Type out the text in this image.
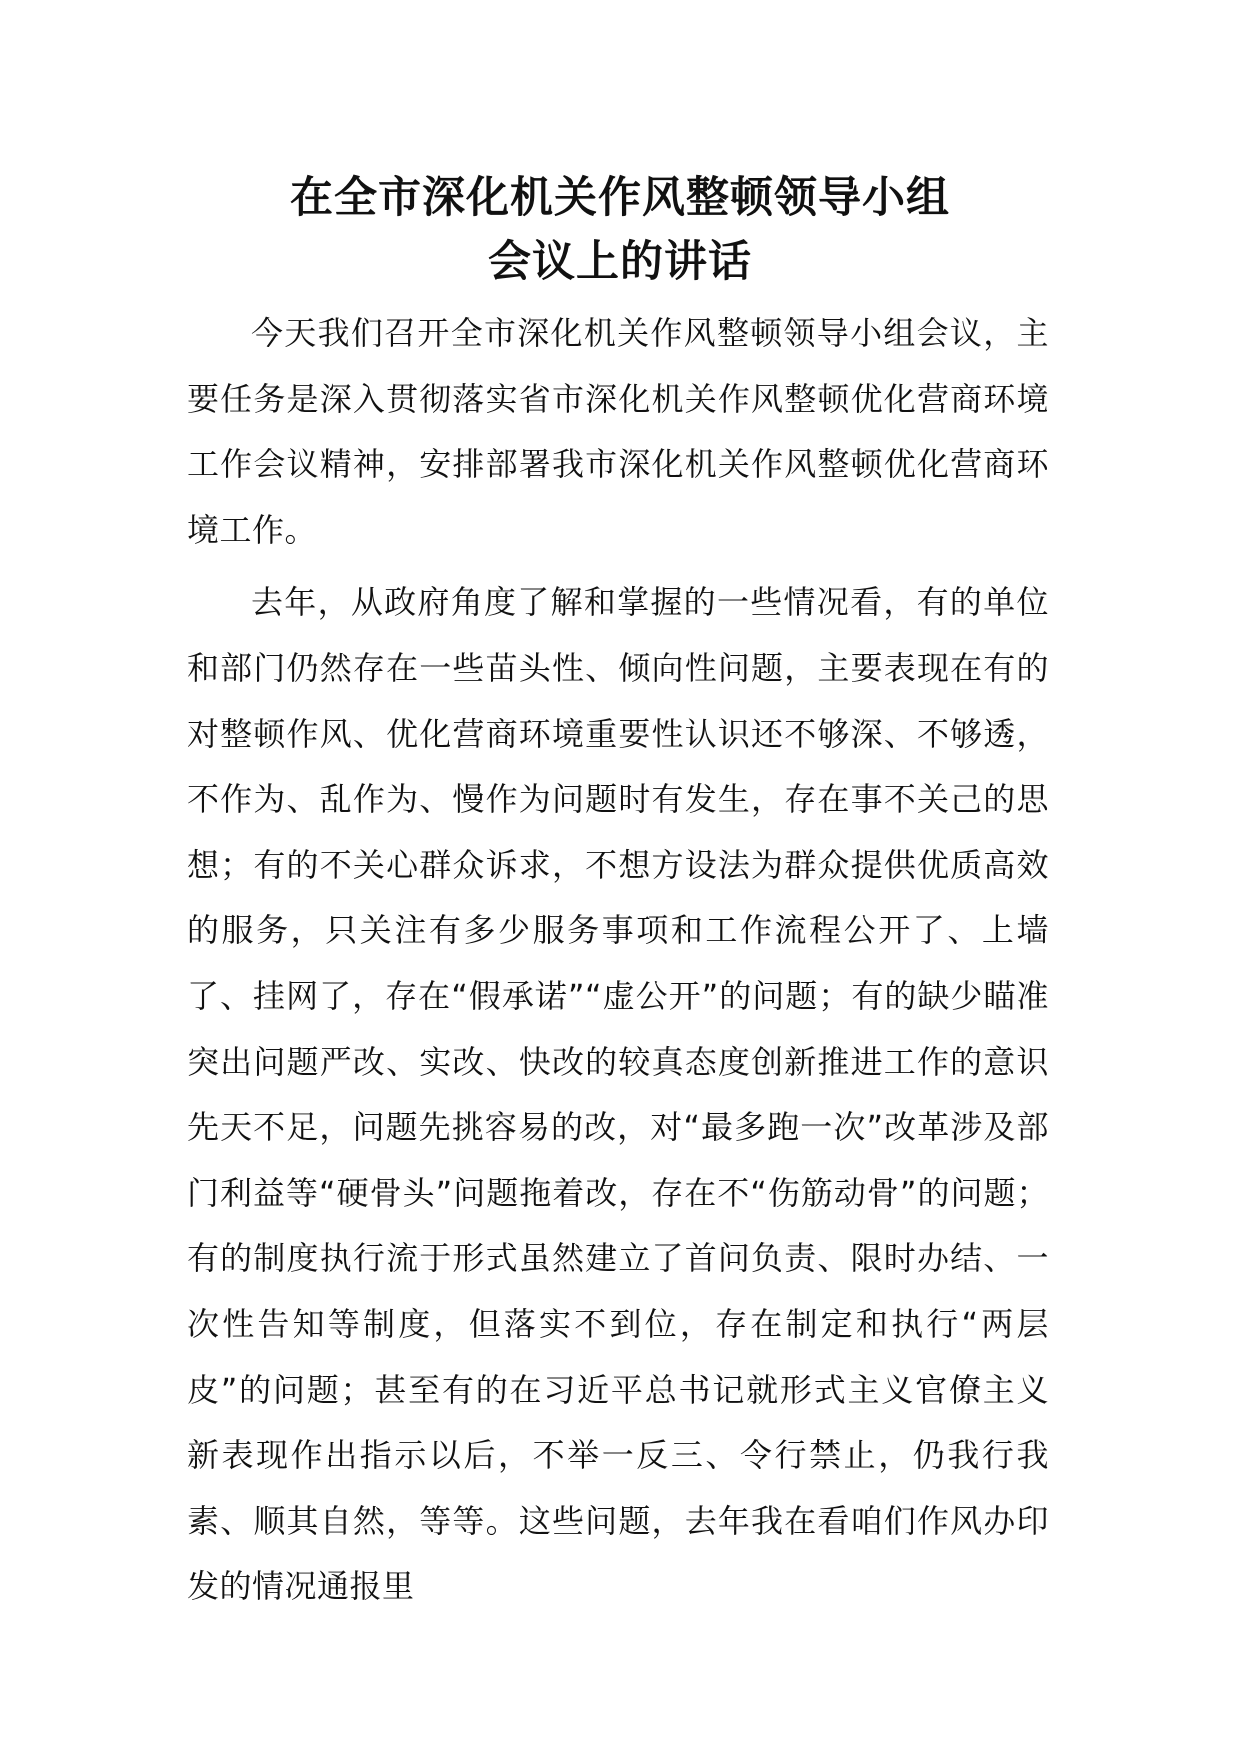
在全市深化机关作风整顿领导小组
会议上的讲话

今天我们召开全市深化机关作风整顿领导小组会议，主要任务是深入贯彻落实省市深化机关作风整顿优化营商环境工作会议精神，安排部署我市深化机关作风整顿优化营商环境工作。

去年，从政府角度了解和掌握的一些情况看，有的单位和部门仍然存在一些苗头性、倾向性问题，主要表现在有的对整顿作风、优化营商环境重要性认识还不够深、不够透，不作为、乱作为、慢作为问题时有发生，存在事不关己的思想；有的不关心群众诉求，不想方设法为群众提供优质高效的服务，只关注有多少服务事项和工作流程公开了、上墙了、挂网了，存在“假承诺”“虚公开”的问题；有的缺少瞄准突出问题严改、实改、快改的较真态度创新推进工作的意识先天不足，问题先挑容易的改，对“最多跑一次”改革涉及部门利益等“硬骨头”问题拖着改，存在不“伤筋动骨”的问题；有的制度执行流于形式虽然建立了首问负责、限时办结、一次性告知等制度，但落实不到位，存在制定和执行“两层皮”的问题；甚至有的在习近平总书记就形式主义官僚主义新表现作出指示以后，不举一反三、令行禁止，仍我行我素、顺其自然，等等。这些问题，去年我在看咱们作风办印发的情况通报里
